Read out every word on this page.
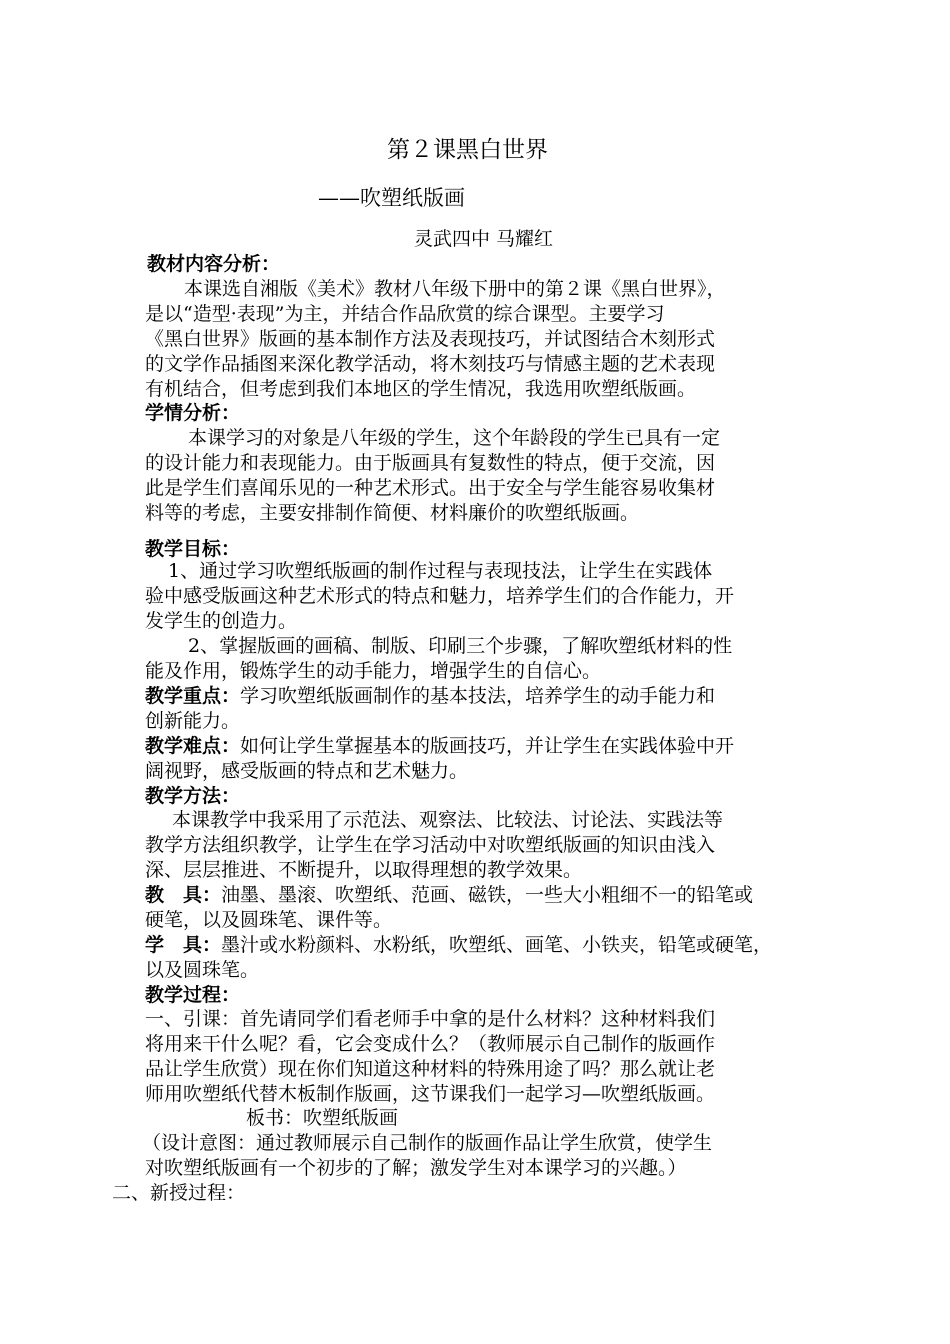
第２课黑白世界
——吹塑纸版画
灵武四中 马耀红
教材内容分析：
本课选自湘版《美术》教材八年级下册中的第２课《黑白世界》，
是以“造型·表现”为主，并结合作品欣赏的综合课型。主要学习
《黑白世界》版画的基本制作方法及表现技巧，并试图结合木刻形式
的文学作品插图来深化教学活动，将木刻技巧与情感主题的艺术表现
有机结合，但考虑到我们本地区的学生情况，我选用吹塑纸版画。
学情分析：
本课学习的对象是八年级的学生，这个年龄段的学生已具有一定
的设计能力和表现能力。由于版画具有复数性的特点，便于交流，因
此是学生们喜闻乐见的一种艺术形式。出于安全与学生能容易收集材
料等的考虑，主要安排制作简便、材料廉价的吹塑纸版画。
教学目标：
1、通过学习吹塑纸版画的制作过程与表现技法，让学生在实践体
验中感受版画这种艺术形式的特点和魅力，培养学生们的合作能力，开
发学生的创造力。
2、掌握版画的画稿、制版、印刷三个步骤，了解吹塑纸材料的性
能及作用，锻炼学生的动手能力，增强学生的自信心。
教学重点：学习吹塑纸版画制作的基本技法，培养学生的动手能力和
创新能力。
教学难点：如何让学生掌握基本的版画技巧，并让学生在实践体验中开
阔视野，感受版画的特点和艺术魅力。
教学方法：
本课教学中我采用了示范法、观察法、比较法、讨论法、实践法等
教学方法组织教学，让学生在学习活动中对吹塑纸版画的知识由浅入
深、层层推进、不断提升，以取得理想的教学效果。
教　具：油墨、墨滚、吹塑纸、范画、磁铁，一些大小粗细不一的铅笔或
硬笔，以及圆珠笔、课件等。
学　具：墨汁或水粉颜料、水粉纸，吹塑纸、画笔、小铁夹，铅笔或硬笔，
以及圆珠笔。
教学过程：
一、引课：首先请同学们看老师手中拿的是什么材料？这种材料我们
将用来干什么呢？看，它会变成什么？（教师展示自己制作的版画作
品让学生欣赏）现在你们知道这种材料的特殊用途了吗？那么就让老
师用吹塑纸代替木板制作版画，这节课我们一起学习—吹塑纸版画。
板书：吹塑纸版画
（设计意图：通过教师展示自己制作的版画作品让学生欣赏，使学生
对吹塑纸版画有一个初步的了解；激发学生对本课学习的兴趣。）
二、新授过程：
